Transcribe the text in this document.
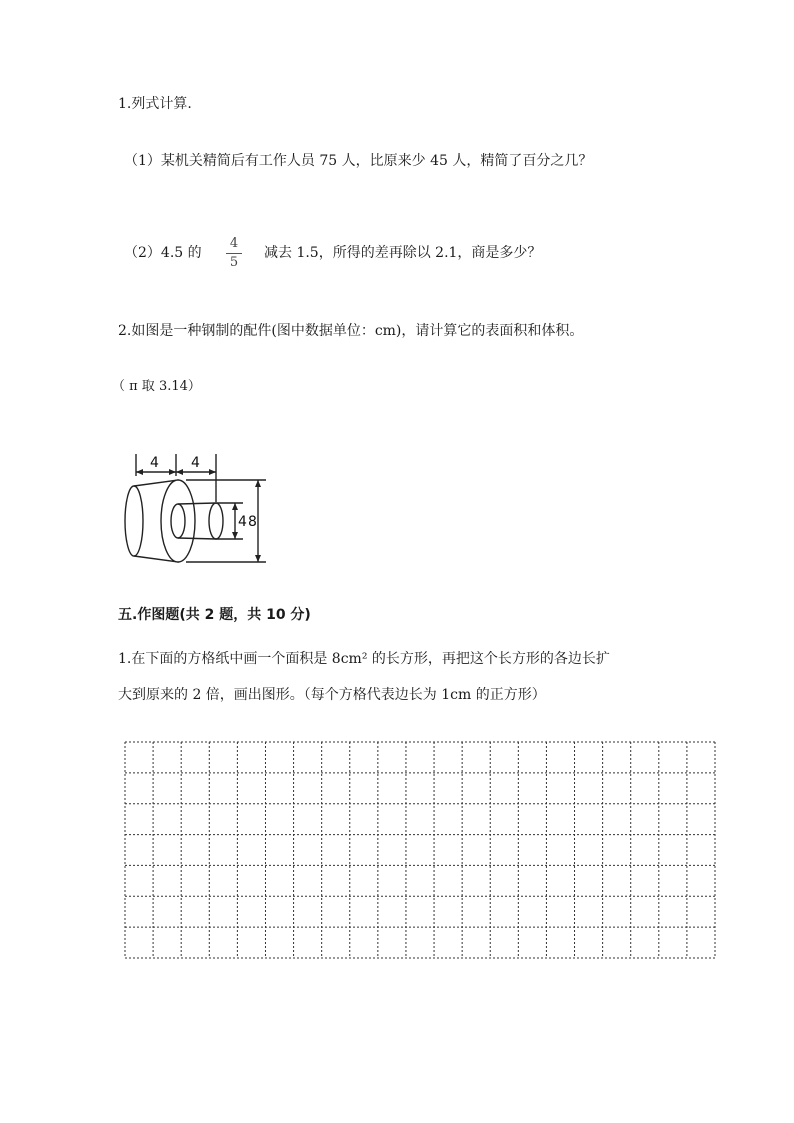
1.列式计算.
（1）某机关精简后有工作人员 75 人，比原来少 45 人，精简了百分之几？
（2）4.5 的
4
5
减去 1.5，所得的差再除以 2.1，商是多少？
2.如图是一种钢制的配件(图中数据单位：cm)，请计算它的表面积和体积。
（ π 取 3.14）
4 4
4 8
五.作图题(共 2 题，共 10 分)
1.在下面的方格纸中画一个面积是 8cm² 的长方形，再把这个长方形的各边长扩
大到原来的 2 倍，画出图形。（每个方格代表边长为 1cm 的正方形）
